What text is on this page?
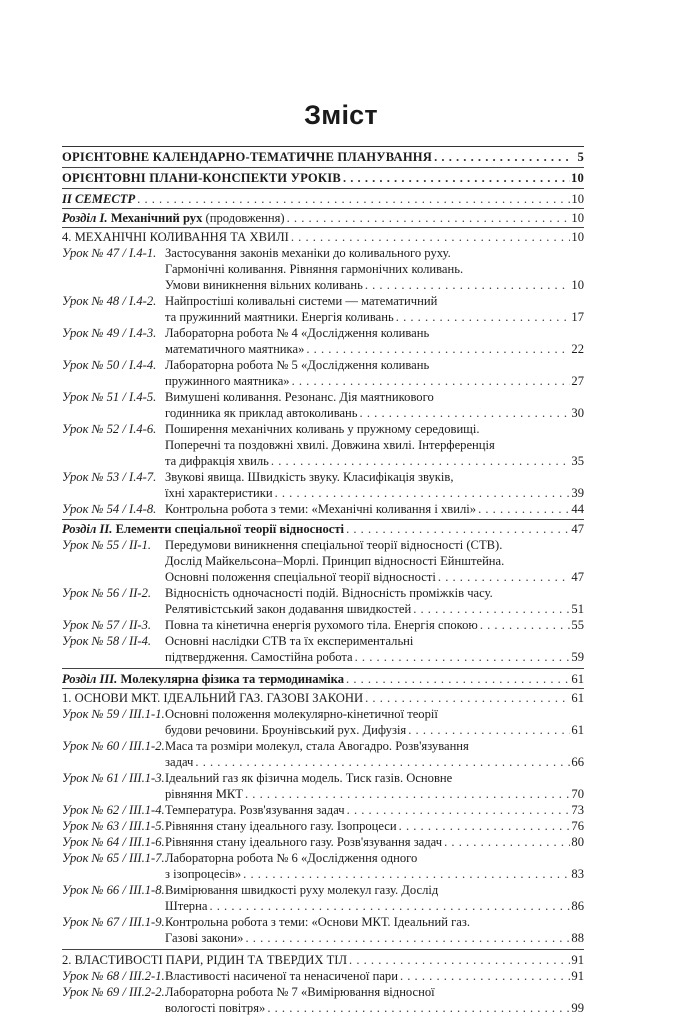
Зміст
ОРІЄНТОВНЕ КАЛЕНДАРНО-ТЕМАТИЧНЕ ПЛАНУВАННЯ . . .	5
ОРІЄНТОВНІ ПЛАНИ-КОНСПЕКТИ УРОКІВ . . .	10
II СЕМЕСТР . . .	10
Розділ I. Механічний рух (продовження) . . .	10
4. МЕХАНІЧНІ КОЛИВАННЯ ТА ХВИЛІ . . .	10
Урок № 47 / І.4-1. Застосування законів механіки до коливального руху.
Гармонічні коливання. Рівняння гармонічних коливань.
Умови виникнення вільних коливань . . .	10
Урок № 48 / І.4-2. Найпростіші коливальні системи — математичний
та пружинний маятники. Енергія коливань . . .	17
Урок № 49 / І.4-3. Лабораторна робота № 4 «Дослідження коливань
математичного маятника» . . .	22
Урок № 50 / І.4-4. Лабораторна робота № 5 «Дослідження коливань
пружинного маятника» . . .	27
Урок № 51 / І.4-5. Вимушені коливання. Резонанс. Дія маятникового
годинника як приклад автоколивань . . .	30
Урок № 52 / І.4-6. Поширення механічних коливань у пружному середовищі.
Поперечні та поздовжні хвилі. Довжина хвилі. Інтерференція
та дифракція хвиль . . .	35
Урок № 53 / І.4-7. Звукові явища. Швидкість звуку. Класифікація звуків,
їхні характеристики . . .	39
Урок № 54 / І.4-8. Контрольна робота з теми: «Механічні коливання і хвилі» . . .	44
Розділ II. Елементи спеціальної теорії відносності . . .	47
Урок № 55 / II-1.	Передумови виникнення спеціальної теорії відносності (СТВ).
Дослід Майкельсона–Морлі. Принцип відносності Ейнштейна.
Основні положення спеціальної теорії відносності . . .	47
Урок № 56 / II-2.	Відносність одночасності подій. Відносність проміжків часу.
Релятивістський закон додавання швидкостей . . .	51
Урок № 57 / II-3.	Повна та кінетична енергія рухомого тіла. Енергія спокою . . .	55
Урок № 58 / II-4.	Основні наслідки СТВ та їх експериментальні
підтвердження. Самостійна робота . . .	59
Розділ III. Молекулярна фізика та термодинаміка . . .	61
1. ОСНОВИ МКТ. ІДЕАЛЬНИЙ ГАЗ. ГАЗОВІ ЗАКОНИ . . .	61
Урок № 59 / III.1-1. Основні положення молекулярно-кінетичної теорії
будови речовини. Броунівський рух. Дифузія . . .	61
Урок № 60 / III.1-2. Маса та розміри молекул, стала Авогадро. Розв'язування
задач . . .	66
Урок № 61 / III.1-3. Ідеальний газ як фізична модель. Тиск газів. Основне
рівняння МКТ . . .	70
Урок № 62 / III.1-4. Температура. Розв'язування задач . . .	73
Урок № 63 / III.1-5. Рівняння стану ідеального газу. Ізопроцеси . . .	76
Урок № 64 / III.1-6. Рівняння стану ідеального газу. Розв'язування задач . . .	80
Урок № 65 / III.1-7. Лабораторна робота № 6 «Дослідження одного
з ізопроцесів» . . .	83
Урок № 66 / III.1-8. Вимірювання швидкості руху молекул газу. Дослід
Штерна . . .	86
Урок № 67 / III.1-9. Контрольна робота з теми: «Основи МКТ. Ідеальний газ.
Газові закони» . . .	88
2. ВЛАСТИВОСТІ ПАРИ, РІДИН ТА ТВЕРДИХ ТІЛ . . .	91
Урок № 68 / III.2-1. Властивості насиченої та ненасиченої пари . . .	91
Урок № 69 / III.2-2. Лабораторна робота № 7 «Вимірювання відносної
вологості повітря» . . .	99
